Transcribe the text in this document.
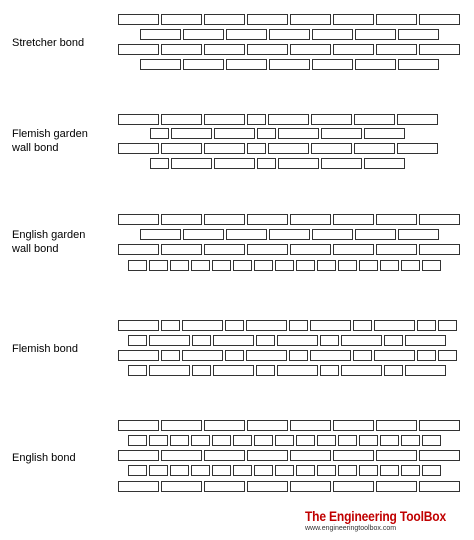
Stretcher bond
Flemish garden wall bond
English garden wall bond
Flemish bond
English bond
The Engineering ToolBox
www.engineeringtoolbox.com
